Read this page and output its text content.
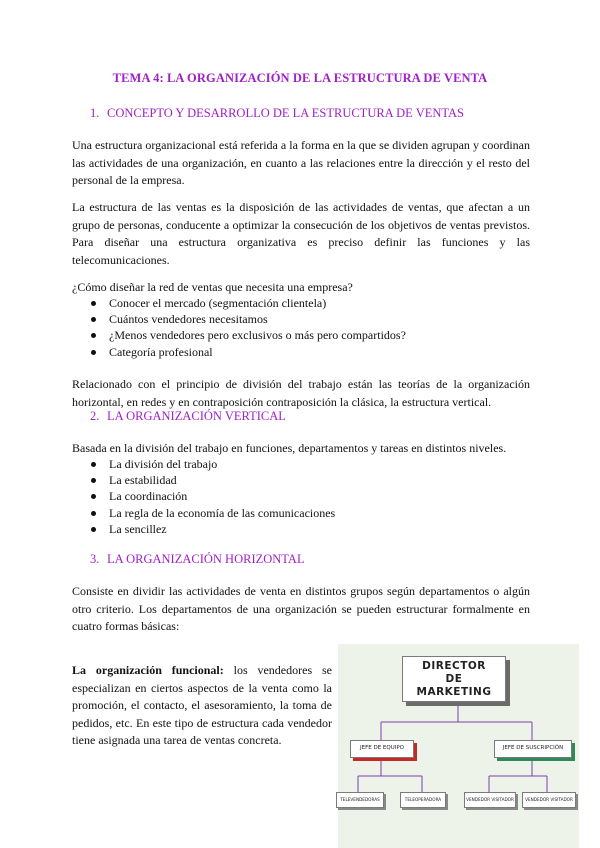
TEMA 4: LA ORGANIZACIÓN DE LA ESTRUCTURA DE VENTA
1. CONCEPTO Y DESARROLLO DE LA ESTRUCTURA DE VENTAS

Una estructura organizacional está referida a la forma en la que se dividen agrupan y coordinan las actividades de una organización, en cuanto a las relaciones entre la dirección y el resto del personal de la empresa.

La estructura de las ventas es la disposición de las actividades de ventas, que afectan a un grupo de personas, conducente a optimizar la consecución de los objetivos de ventas previstos. Para diseñar una estructura organizativa es preciso definir las funciones y las telecomunicaciones.

¿Cómo diseñar la red de ventas que necesita una empresa?
Conocer el mercado (segmentación clientela)
Cuántos vendedores necesitamos
¿Menos vendedores pero exclusivos o más pero compartidos?
Categoría profesional

Relacionado con el principio de división del trabajo están las teorías de la organización horizontal, en redes y en contraposición contraposición la clásica, la estructura vertical.

2. LA ORGANIZACIÓN VERTICAL
Basada en la división del trabajo en funciones, departamentos y tareas en distintos niveles.
La división del trabajo
La estabilidad
La coordinación
La regla de la economía de las comunicaciones
La sencillez
3. LA ORGANIZACIÓN HORIZONTAL

Consiste en dividir las actividades de venta en distintos grupos según departamentos o algún otro criterio. Los departamentos de una organización se pueden estructurar formalmente en cuatro formas básicas:

La organización funcional: los vendedores se especializan en ciertos aspectos de la venta como la promoción, el contacto, el asesoramiento, la toma de pedidos, etc. En este tipo de estructura cada vendedor tiene asignada una tarea de ventas concreta.

DIRECTOR
DE
MARKETING
JEFE DE EQUIPO	JEFE DE SUSCRIPCIÓN
TELEVENDEDORAS	TELEOPERADORA	VENDEDOR VISITADOR	VENDEDOR VISITADOR
